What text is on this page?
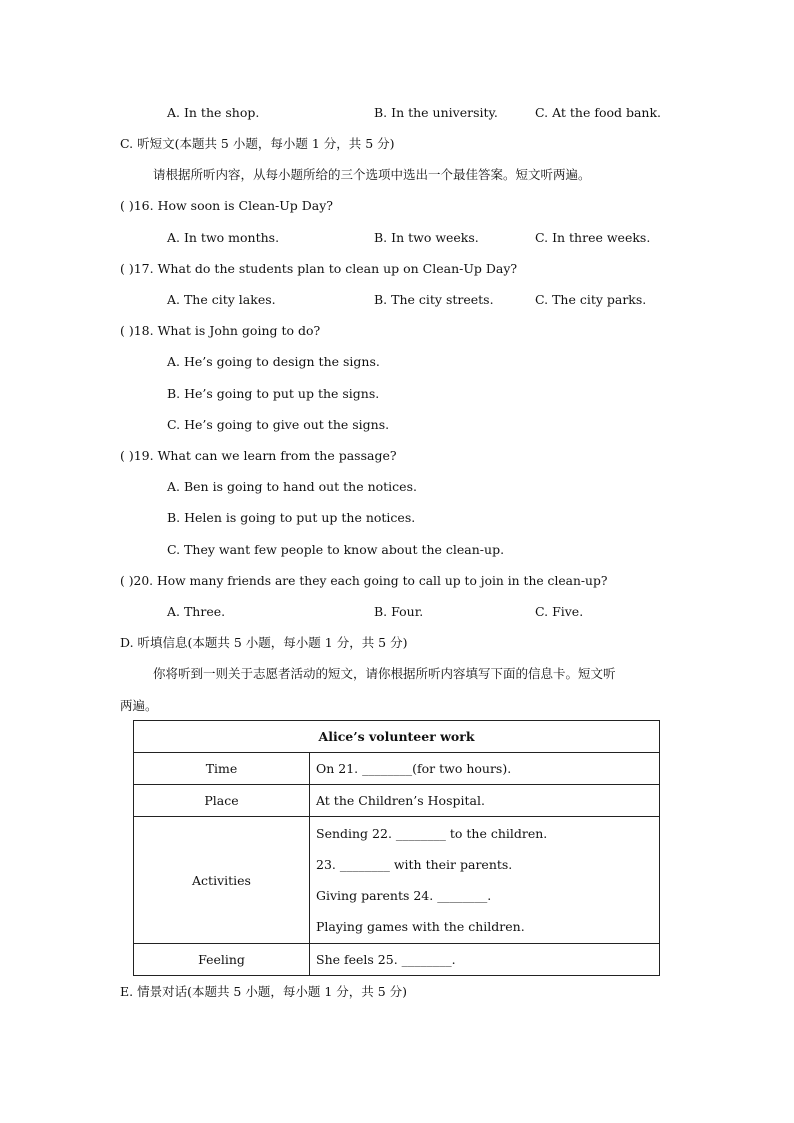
A. In the shop.	B. In the university.	C. At the food bank.
C. 听短文(本题共 5 小题，每小题 1 分，共 5 分)
请根据所听内容，从每小题所给的三个选项中选出一个最佳答案。短文听两遍。
( )16. How soon is Clean-Up Day?
A. In two months.	B. In two weeks.	C. In three weeks.
( )17. What do the students plan to clean up on Clean-Up Day?
A. The city lakes.	B. The city streets.	C. The city parks.
( )18. What is John going to do?
A. He’s going to design the signs.
B. He’s going to put up the signs.
C. He’s going to give out the signs.
( )19. What can we learn from the passage?
A. Ben is going to hand out the notices.
B. Helen is going to put up the notices.
C. They want few people to know about the clean-up.
( )20. How many friends are they each going to call up to join in the clean-up?
A. Three.	B. Four.	C. Five.
D. 听填信息(本题共 5 小题，每小题 1 分，共 5 分)
你将听到一则关于志愿者活动的短文，请你根据所听内容填写下面的信息卡。短文听
两遍。
Alice’s volunteer work	
Time	On 21. ________(for two hours).
Place	At the Children’s Hospital.
Activities	Sending 22. ________ to the children.
23. ________ with their parents.
Giving parents 24. ________.
Playing games with the children.

Feeling	She feels 25. ________.
E. 情景对话(本题共 5 小题，每小题 1 分，共 5 分)
